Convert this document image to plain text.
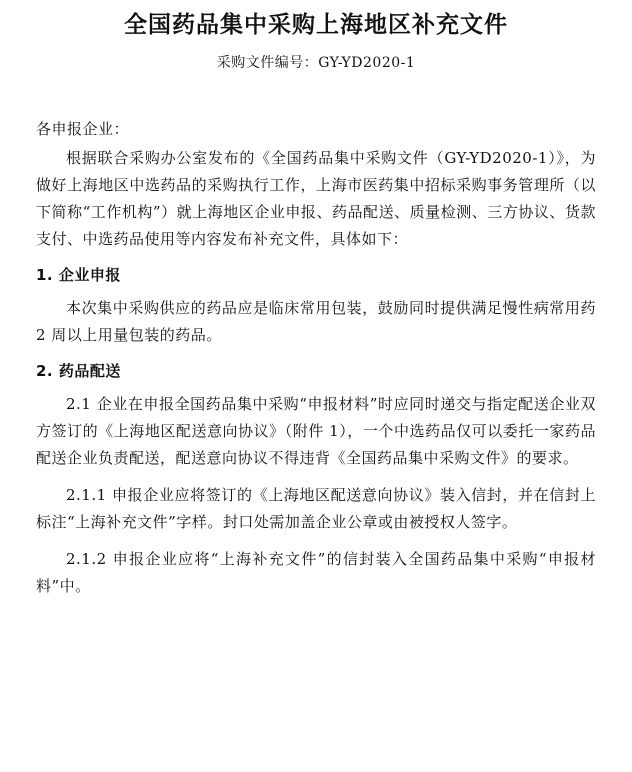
全国药品集中采购上海地区补充文件
采购文件编号：GY-YD2020-1
各申报企业：
根据联合采购办公室发布的《全国药品集中采购文件（GY-YD2020-1）》，为做好上海地区中选药品的采购执行工作，上海市医药集中招标采购事务管理所（以下简称“工作机构”）就上海地区企业申报、药品配送、质量检测、三方协议、货款支付、中选药品使用等内容发布补充文件，具体如下：
1. 企业申报
本次集中采购供应的药品应是临床常用包装，鼓励同时提供满足慢性病常用药 2 周以上用量包装的药品。
2. 药品配送
2.1 企业在申报全国药品集中采购“申报材料”时应同时递交与指定配送企业双方签订的《上海地区配送意向协议》（附件 1），一个中选药品仅可以委托一家药品配送企业负责配送，配送意向协议不得违背《全国药品集中采购文件》的要求。
2.1.1 申报企业应将签订的《上海地区配送意向协议》装入信封，并在信封上标注“上海补充文件”字样。封口处需加盖企业公章或由被授权人签字。
2.1.2 申报企业应将“上海补充文件”的信封装入全国药品集中采购“申报材料”中。
